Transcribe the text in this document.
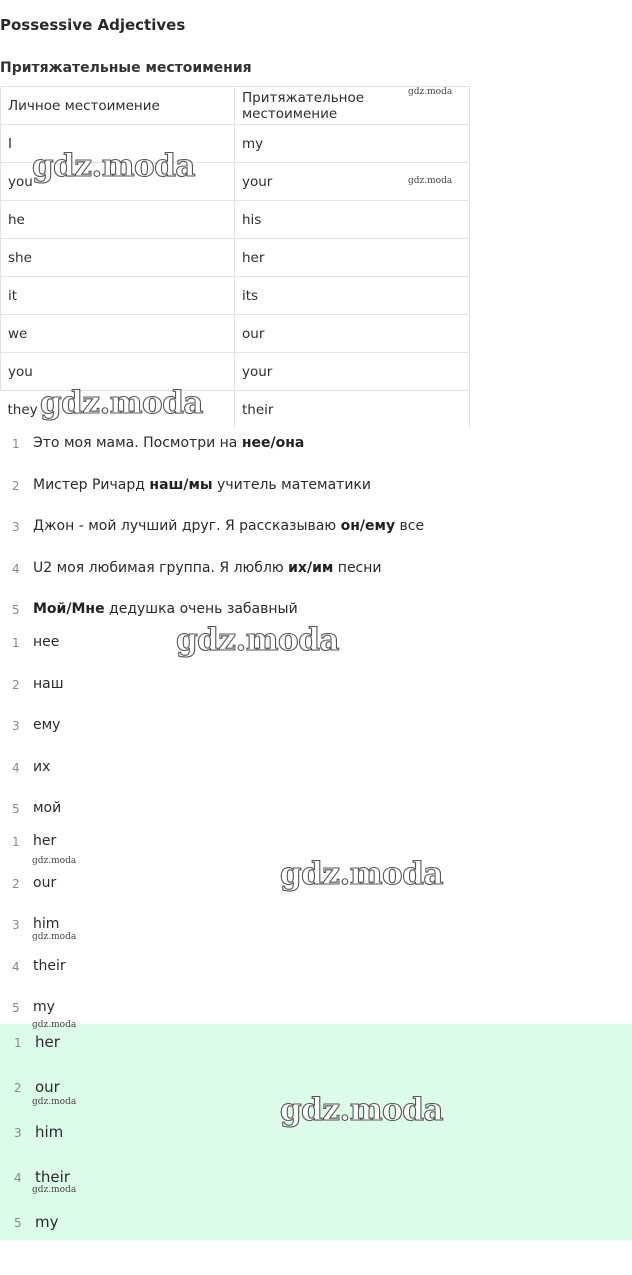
Possessive Adjectives
Притяжательные местоимения
Личное местоимение	Притяжательное местоимение
I	my
you	your
he	his
she	her
it	its
we	our
you	your
they	their
1 Это моя мама. Посмотри на нее/она
2 Мистер Ричард наш/мы учитель математики
3 Джон - мой лучший друг. Я рассказываю он/ему все
4 U2 моя любимая группа. Я люблю их/им песни
5 Мой/Мне дедушка очень забавный
1 нее
2 наш
3 ему
4 их
5 мой
1 her
2 our
3 him
4 their
5 my
1 her
2 our
3 him
4 their
5 my
gdz.moda
gdz.moda
gdz.moda
gdz.moda
gdz.moda
gdz.moda
gdz.moda
gdz.moda
gdz.moda
gdz.moda
gdz.moda
gdz.moda
